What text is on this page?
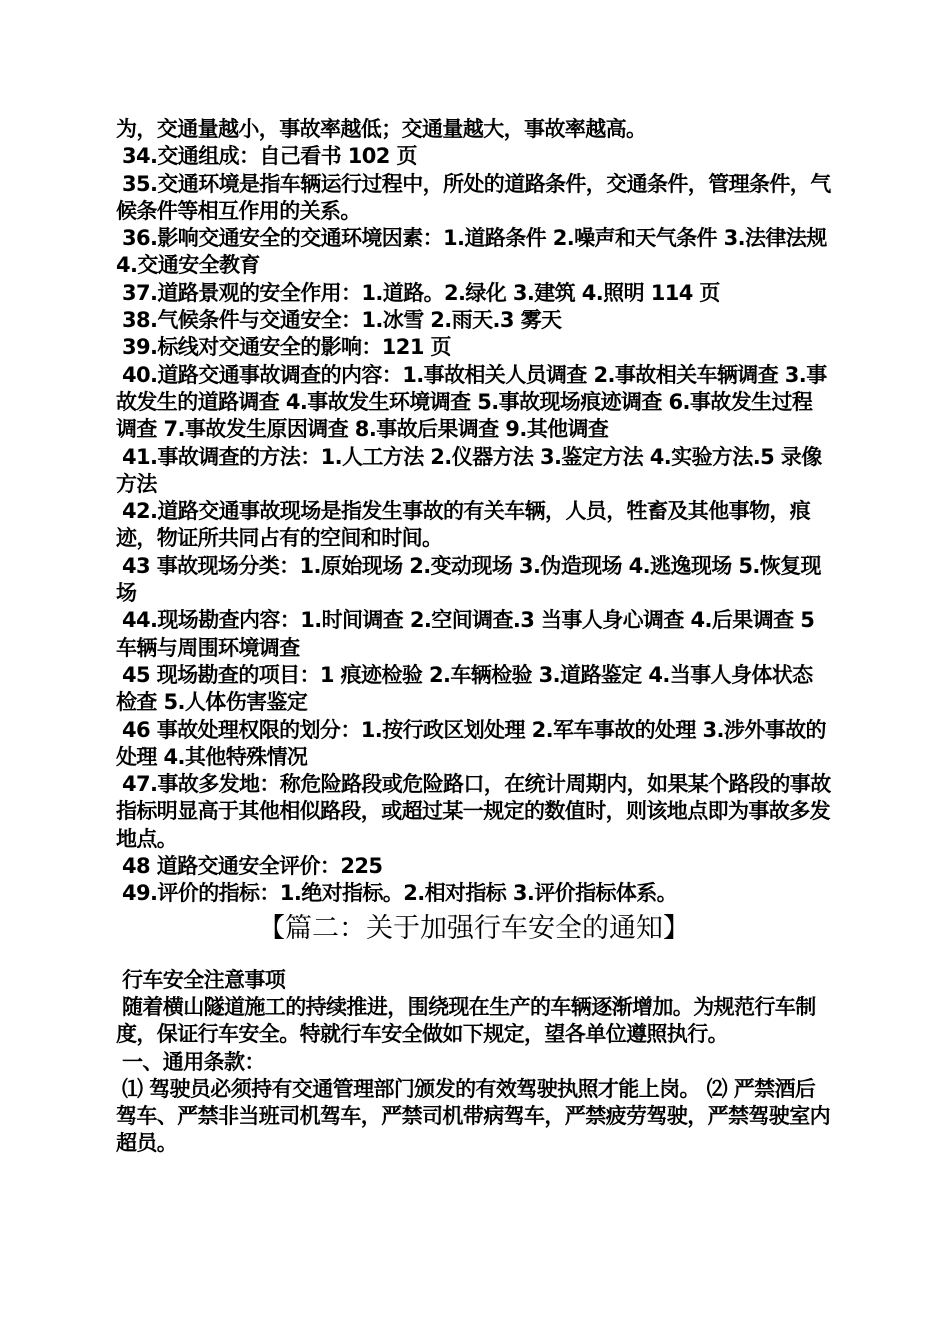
为，交通量越小，事故率越低；交通量越大，事故率越高。

34.交通组成：自己看书 102 页

35.交通环境是指车辆运行过程中，所处的道路条件，交通条件，管理条件，气候条件等相互作用的关系。

36.影响交通安全的交通环境因素：1.道路条件 2.噪声和天气条件 3.法律法规 4.交通安全教育

37.道路景观的安全作用：1.道路。2.绿化 3.建筑 4.照明 114 页

38.气候条件与交通安全：1.冰雪 2.雨天.3 雾天

39.标线对交通安全的影响：121 页

40.道路交通事故调查的内容：1.事故相关人员调查 2.事故相关车辆调查 3.事故发生的道路调查 4.事故发生环境调查 5.事故现场痕迹调查 6.事故发生过程调查 7.事故发生原因调查 8.事故后果调查 9.其他调查

41.事故调查的方法：1.人工方法 2.仪器方法 3.鉴定方法 4.实验方法.5 录像方法

42.道路交通事故现场是指发生事故的有关车辆，人员，牲畜及其他事物，痕迹，物证所共同占有的空间和时间。

43 事故现场分类：1.原始现场 2.变动现场 3.伪造现场 4.逃逸现场 5.恢复现场

44.现场勘查内容：1.时间调查 2.空间调查.3 当事人身心调查 4.后果调查 5 车辆与周围环境调查

45 现场勘查的项目：1 痕迹检验 2.车辆检验 3.道路鉴定 4.当事人身体状态检查 5.人体伤害鉴定

46 事故处理权限的划分：1.按行政区划处理 2.军车事故的处理 3.涉外事故的处理 4.其他特殊情况

47.事故多发地：称危险路段或危险路口，在统计周期内，如果某个路段的事故指标明显高于其他相似路段，或超过某一规定的数值时，则该地点即为事故多发地点。

48 道路交通安全评价：225

49.评价的指标：1.绝对指标。2.相对指标 3.评价指标体系。

【篇二：关于加强行车安全的通知】

行车安全注意事项

随着横山隧道施工的持续推进，围绕现在生产的车辆逐渐增加。为规范行车制度，保证行车安全。特就行车安全做如下规定，望各单位遵照执行。

一、通用条款：

⑴ 驾驶员必须持有交通管理部门颁发的有效驾驶执照才能上岗。 ⑵ 严禁酒后驾车、严禁非当班司机驾车，严禁司机带病驾车，严禁疲劳驾驶，严禁驾驶室内超员。
